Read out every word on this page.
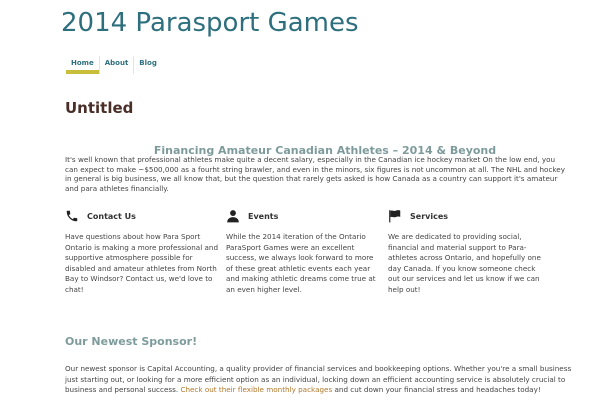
2014 Parasport Games
Home	About	Blog
Untitled
Financing Amateur Canadian Athletes – 2014 & Beyond

It's well known that professional athletes make quite a decent salary, especially in the Canadian ice hockey market On the low end, you can expect to make ~$500,000 as a fourht string brawler, and even in the minors, six figures is not uncommon at all. The NHL and hockey in general is big business, we all know that, but the question that rarely gets asked is how Canada as a country can support it's amateur and para athletes financially.

Contact Us

Have questions about how Para Sport Ontario is making a more professional and supportive atmosphere possible for disabled and amateur athletes from North Bay to Windsor? Contact us, we'd love to chat!

Events

While the 2014 iteration of the Ontario ParaSport Games were an excellent success, we always look forward to more of these great athletic events each year and making athletic dreams come true at an even higher level.

Services

We are dedicated to providing social, financial and material support to Para-athletes across Ontario, and hopefully one day Canada. If you know someone check out our services and let us know if we can help out!

Our Newest Sponsor!

Our newest sponsor is Capital Accounting, a quality provider of financial services and bookkeeping options. Whether you're a small business just starting out, or looking for a more efficient option as an individual, locking down an efficient accounting service is absolutely crucial to business and personal success. Check out their flexible monthly packages and cut down your financial stress and headaches today!
